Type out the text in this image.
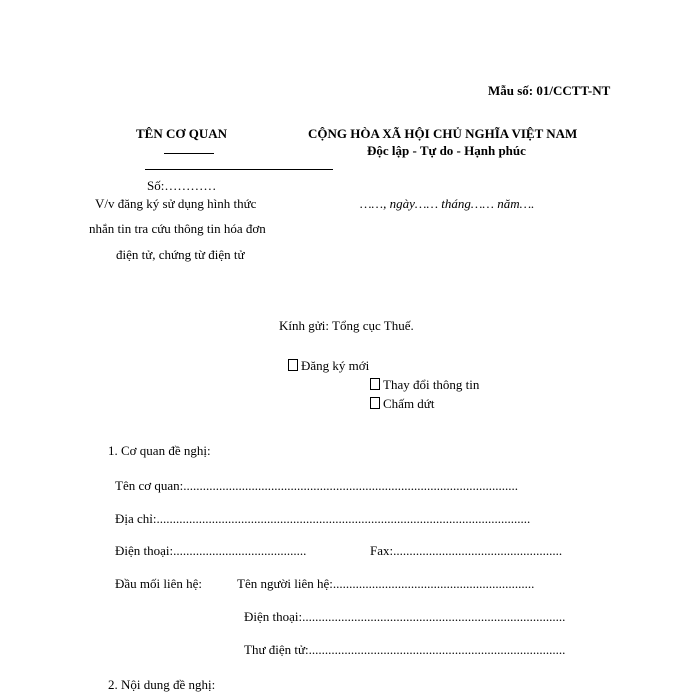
Mẫu số: 01/CCTT-NT
TÊN CƠ QUAN	CỘNG HÒA XÃ HỘI CHỦ NGHĨA VIỆT NAM
Độc lập - Tự do - Hạnh phúc
Số:…………
V/v đăng ký sử dụng hình thức
nhắn tin tra cứu thông tin hóa đơn
điện tử, chứng từ điện tử
……, ngày…… tháng…… năm….
Kính gửi: Tổng cục Thuế.
Đăng ký mới
Thay đổi thông tin
Chấm dứt
1. Cơ quan đề nghị:
Tên cơ quan:.......................................................................................................
Địa chỉ:...................................................................................................................
Điện thoại:.........................................	Fax:....................................................
Đầu mối liên hệ:	Tên người liên hệ:..............................................................
Điện thoại:.................................................................................
Thư điện tử:...............................................................................
2. Nội dung đề nghị:
